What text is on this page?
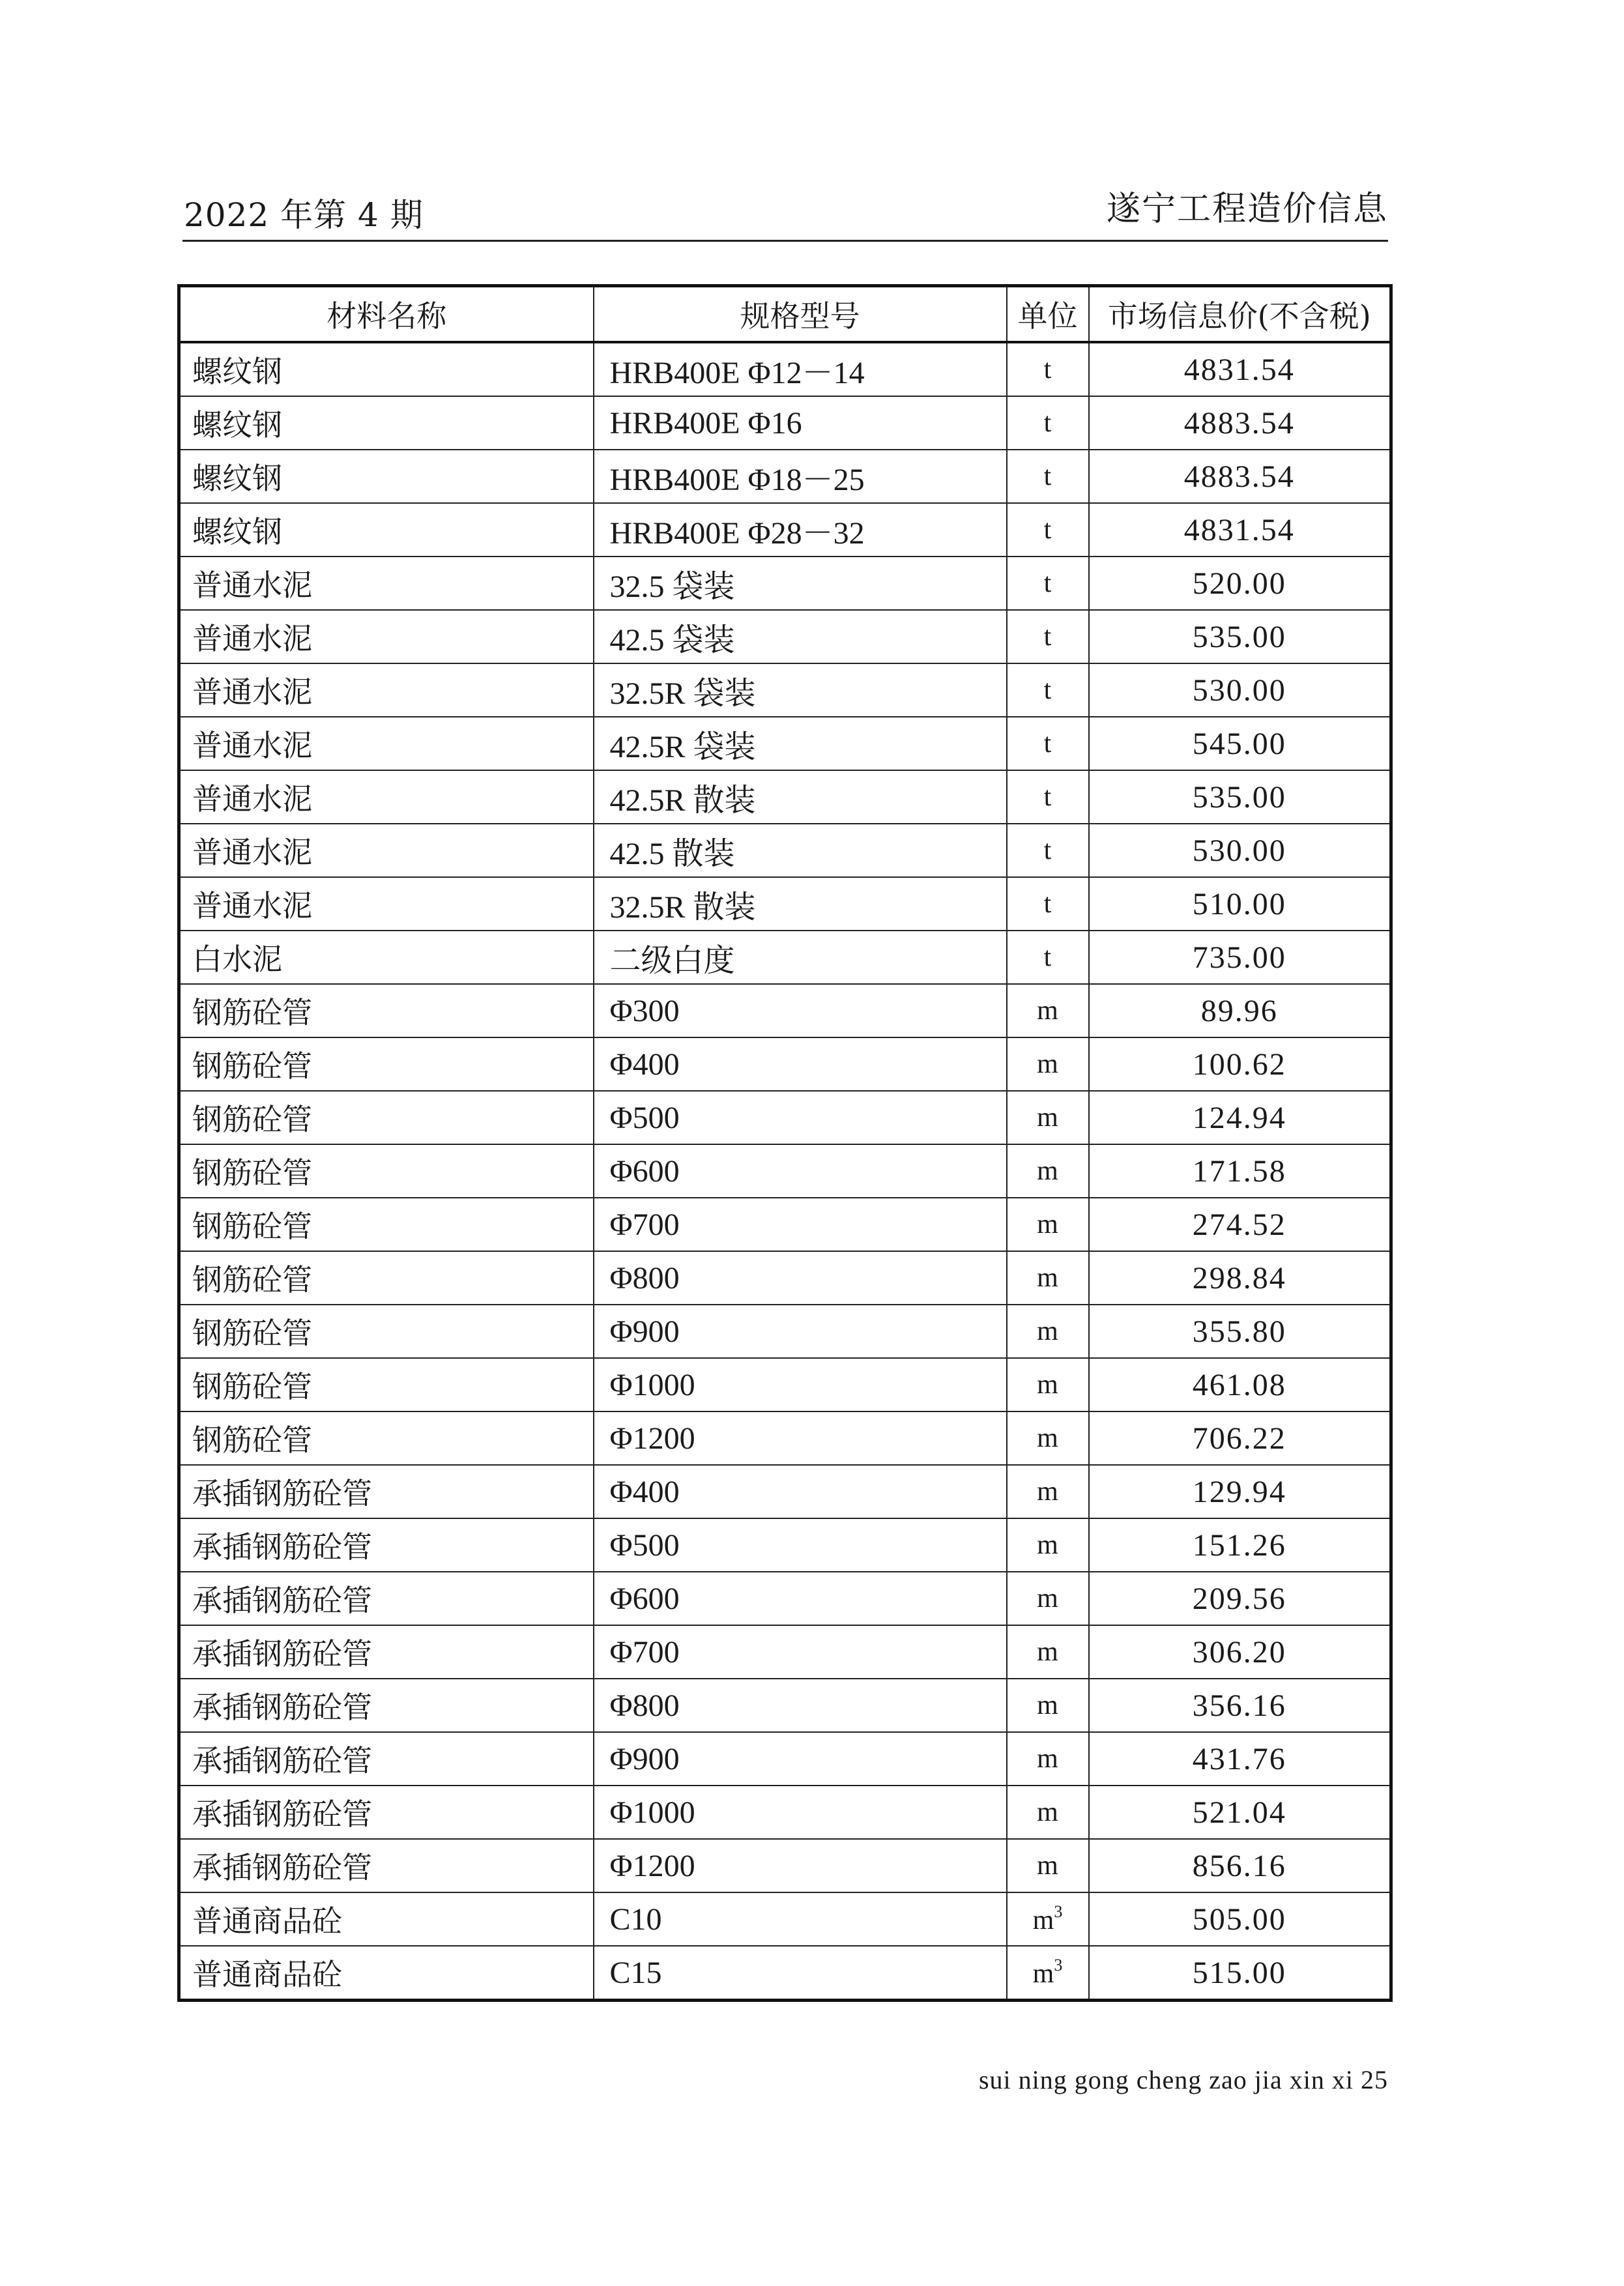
2022 年第 4 期	遂宁工程造价信息
材料名称	规格型号	单位	市场信息价(不含税)
螺纹钢	HRB400E Φ12－14	t	4831.54
螺纹钢	HRB400E Φ16	t	4883.54
螺纹钢	HRB400E Φ18－25	t	4883.54
螺纹钢	HRB400E Φ28－32	t	4831.54
普通水泥	32.5 袋装	t	520.00
普通水泥	42.5 袋装	t	535.00
普通水泥	32.5R 袋装	t	530.00
普通水泥	42.5R 袋装	t	545.00
普通水泥	42.5R 散装	t	535.00
普通水泥	42.5 散装	t	530.00
普通水泥	32.5R 散装	t	510.00
白水泥	二级白度	t	735.00
钢筋砼管	Φ300	m	89.96
钢筋砼管	Φ400	m	100.62
钢筋砼管	Φ500	m	124.94
钢筋砼管	Φ600	m	171.58
钢筋砼管	Φ700	m	274.52
钢筋砼管	Φ800	m	298.84
钢筋砼管	Φ900	m	355.80
钢筋砼管	Φ1000	m	461.08
钢筋砼管	Φ1200	m	706.22
承插钢筋砼管	Φ400	m	129.94
承插钢筋砼管	Φ500	m	151.26
承插钢筋砼管	Φ600	m	209.56
承插钢筋砼管	Φ700	m	306.20
承插钢筋砼管	Φ800	m	356.16
承插钢筋砼管	Φ900	m	431.76
承插钢筋砼管	Φ1000	m	521.04
承插钢筋砼管	Φ1200	m	856.16
普通商品砼	C10	$m^3$	505.00
普通商品砼	C15	$m^3$	515.00
sui ning gong cheng zao jia xin xi 25
